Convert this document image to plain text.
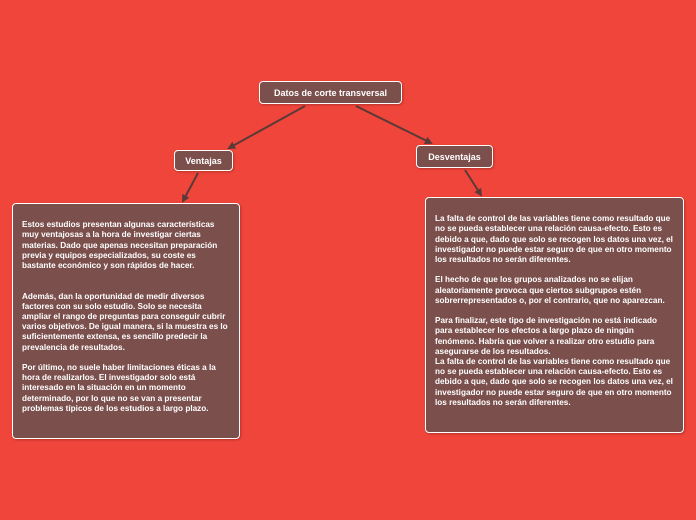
Datos de corte transversal
Ventajas	Desventajas

Estos estudios presentan algunas características muy ventajosas a la hora de investigar ciertas materias. Dado que apenas necesitan preparación previa y equipos especializados, su coste es bastante económico y son rápidos de hacer.

Además, dan la oportunidad de medir diversos factores con su solo estudio. Solo se necesita ampliar el rango de preguntas para conseguir cubrir varios objetivos. De igual manera, si la muestra es lo suficientemente extensa, es sencillo predecir la prevalencia de resultados.

Por último, no suele haber limitaciones éticas a la hora de realizarlos. El investigador solo está interesado en la situación en un momento determinado, por lo que no se van a presentar problemas típicos de los estudios a largo plazo.

La falta de control de las variables tiene como resultado que no se pueda establecer una relación causa-efecto. Esto es debido a que, dado que solo se recogen los datos una vez, el investigador no puede estar seguro de que en otro momento los resultados no serán diferentes.

El hecho de que los grupos analizados no se elijan aleatoriamente provoca que ciertos subgrupos estén sobrerrepresentados o, por el contrario, que no aparezcan.

Para finalizar, este tipo de investigación no está indicado para establecer los efectos a largo plazo de ningún fenómeno. Habría que volver a realizar otro estudio para asegurarse de los resultados.
La falta de control de las variables tiene como resultado que no se pueda establecer una relación causa-efecto. Esto es debido a que, dado que solo se recogen los datos una vez, el investigador no puede estar seguro de que en otro momento los resultados no serán diferentes.
